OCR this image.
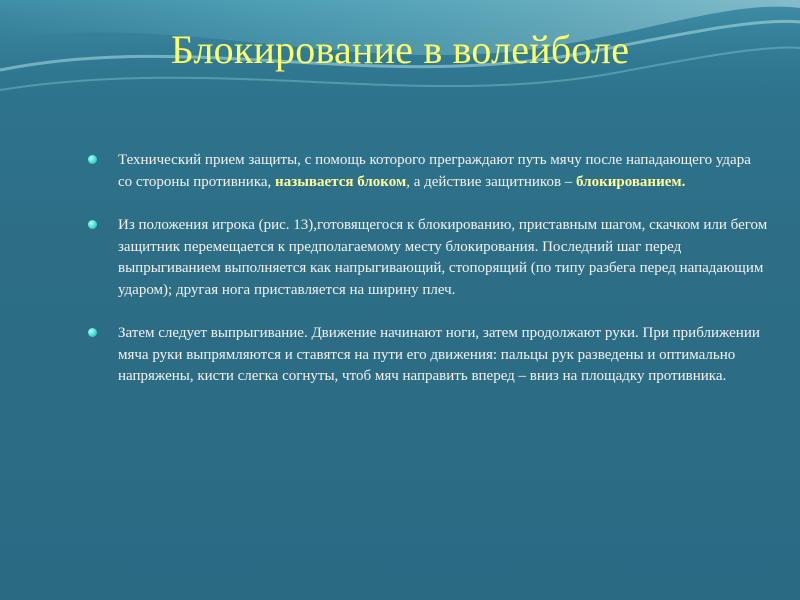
Блокирование в волейболе

Технический прием защиты, с помощь которого преграждают путь мячу после нападающего удара со стороны противника, называется блоком, а действие защитников – блокированием.

Из положения игрока (рис. 13),готовящегося к блокированию, приставным шагом, скачком или бегом защитник перемещается к предполагаемому месту блокирования. Последний шаг перед выпрыгиванием выполняется как напрыгивающий, стопорящий (по типу разбега перед нападающим ударом); другая нога приставляется на ширину плеч.

Затем следует выпрыгивание. Движение начинают ноги, затем продолжают руки. При приближении мяча руки выпрямляются и ставятся на пути его движения: пальцы рук разведены и оптимально напряжены, кисти слегка согнуты, чтоб мяч направить вперед – вниз на площадку противника.
